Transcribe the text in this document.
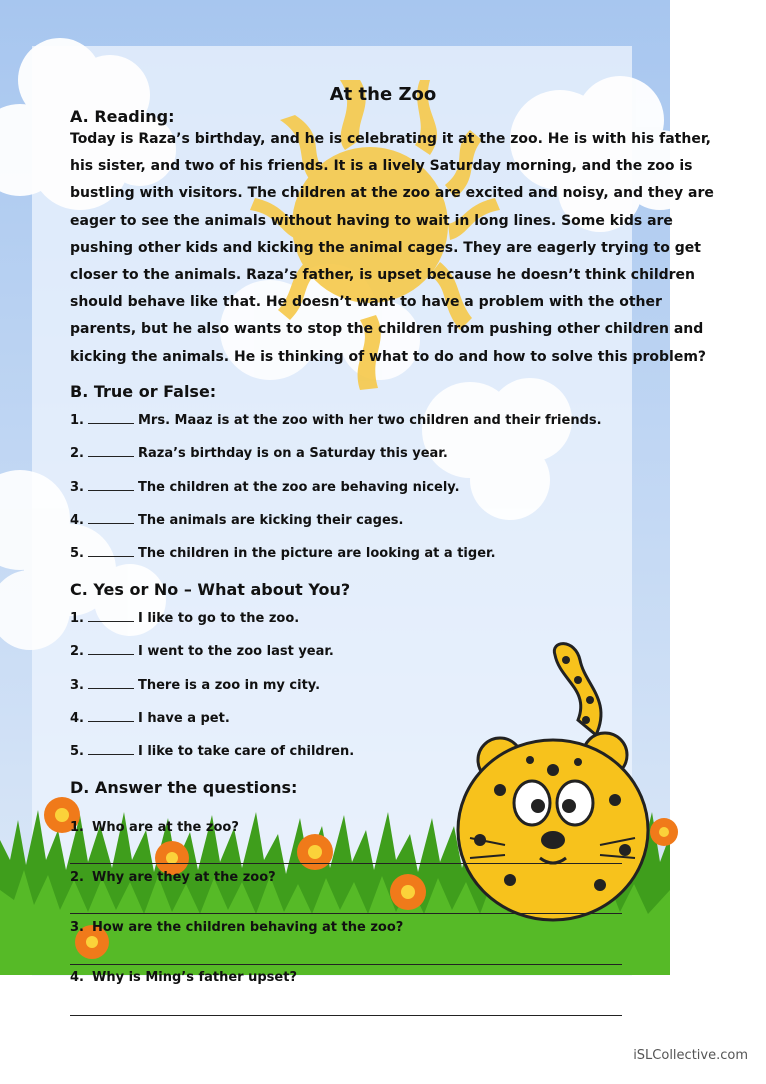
At the Zoo
A. Reading:

Today is Raza’s birthday, and he is celebrating it at the zoo. He is with his father, his sister, and two of his friends. It is a lively Saturday morning, and the zoo is bustling with visitors. The children at the zoo are excited and noisy, and they are eager to see the animals without having to wait in long lines. Some kids are pushing other kids and kicking the animal cages. They are eagerly trying to get closer to the animals. Raza’s father, is upset because he doesn’t think children should behave like that. He doesn’t want to have a problem with the other parents, but he also wants to stop the children from pushing other children and kicking the animals. He is thinking of what to do and how to solve this problem?

B. True or False:
1.	Mrs. Maaz is at the zoo with her two children and their friends.
2.	Raza’s birthday is on a Saturday this year.
3.	The children at the zoo are behaving nicely.
4.	The animals are kicking their cages.
5.	The children in the picture are looking at a tiger.
C. Yes or No – What about You?
1.	I like to go to the zoo.
2.	I went to the zoo last year.
3.	There is a zoo in my city.
4.	I have a pet.
5.	I like to take care of children.
D. Answer the questions:
1. Who are at the zoo?
2. Why are they at the zoo?
3. How are the children behaving at the zoo?
4. Why is Ming’s father upset?
iSLCollective.com
